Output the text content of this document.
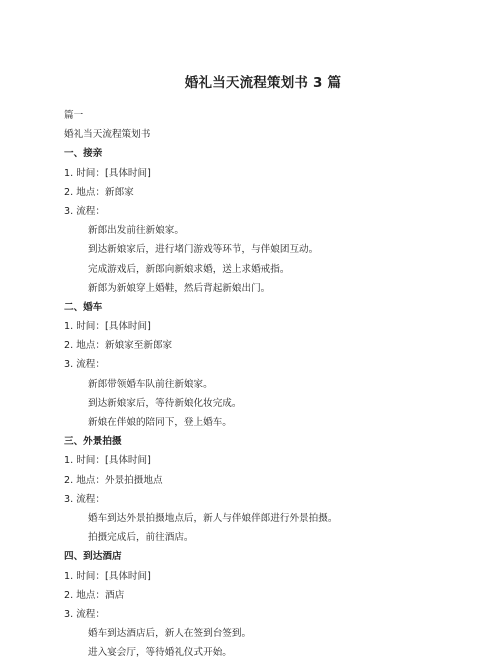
婚礼当天流程策划书 3 篇
篇一
婚礼当天流程策划书
一、接亲
1. 时间：[具体时间]
2. 地点：新郎家
3. 流程：
新郎出发前往新娘家。
到达新娘家后，进行堵门游戏等环节，与伴娘团互动。
完成游戏后，新郎向新娘求婚，送上求婚戒指。
新郎为新娘穿上婚鞋，然后背起新娘出门。
二、婚车
1. 时间：[具体时间]
2. 地点：新娘家至新郎家
3. 流程：
新郎带领婚车队前往新娘家。
到达新娘家后，等待新娘化妆完成。
新娘在伴娘的陪同下，登上婚车。
三、外景拍摄
1. 时间：[具体时间]
2. 地点：外景拍摄地点
3. 流程：
婚车到达外景拍摄地点后，新人与伴娘伴郎进行外景拍摄。
拍摄完成后，前往酒店。
四、到达酒店
1. 时间：[具体时间]
2. 地点：酒店
3. 流程：
婚车到达酒店后，新人在签到台签到。
进入宴会厅，等待婚礼仪式开始。
